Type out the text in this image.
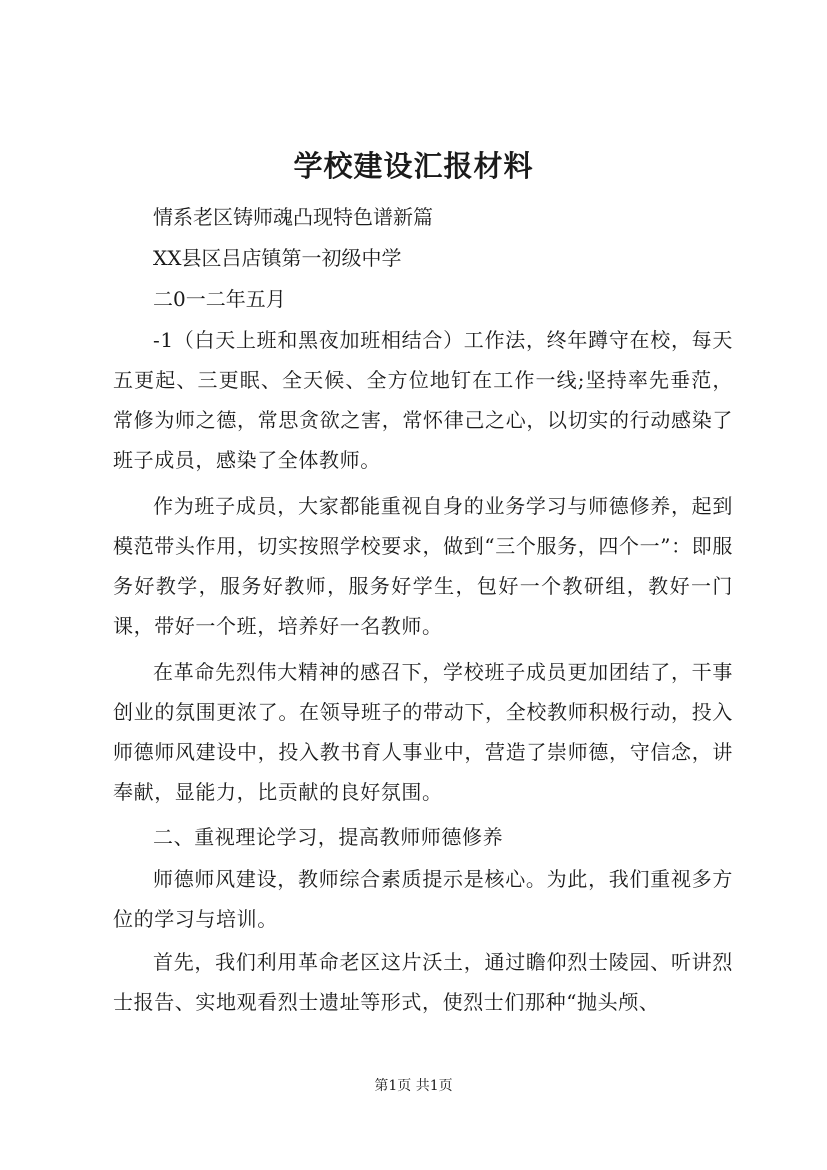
学校建设汇报材料
情系老区铸师魂凸现特色谱新篇
XX县区吕店镇第一初级中学
二0一二年五月

-1（白天上班和黑夜加班相结合）工作法，终年蹲守在校，每天五更起、三更眠、全天候、全方位地钉在工作一线;坚持率先垂范，常修为师之德，常思贪欲之害，常怀律己之心，以切实的行动感染了班子成员，感染了全体教师。

作为班子成员，大家都能重视自身的业务学习与师德修养，起到模范带头作用，切实按照学校要求，做到“三个服务，四个一”：即服务好教学，服务好教师，服务好学生，包好一个教研组，教好一门课，带好一个班，培养好一名教师。

在革命先烈伟大精神的感召下，学校班子成员更加团结了，干事创业的氛围更浓了。在领导班子的带动下，全校教师积极行动，投入师德师风建设中，投入教书育人事业中，营造了崇师德，守信念，讲奉献，显能力，比贡献的良好氛围。

二、重视理论学习，提高教师师德修养

师德师风建设，教师综合素质提示是核心。为此，我们重视多方位的学习与培训。

首先，我们利用革命老区这片沃土，通过瞻仰烈士陵园、听讲烈士报告、实地观看烈士遗址等形式，使烈士们那种“抛头颅、

第1页 共1页
